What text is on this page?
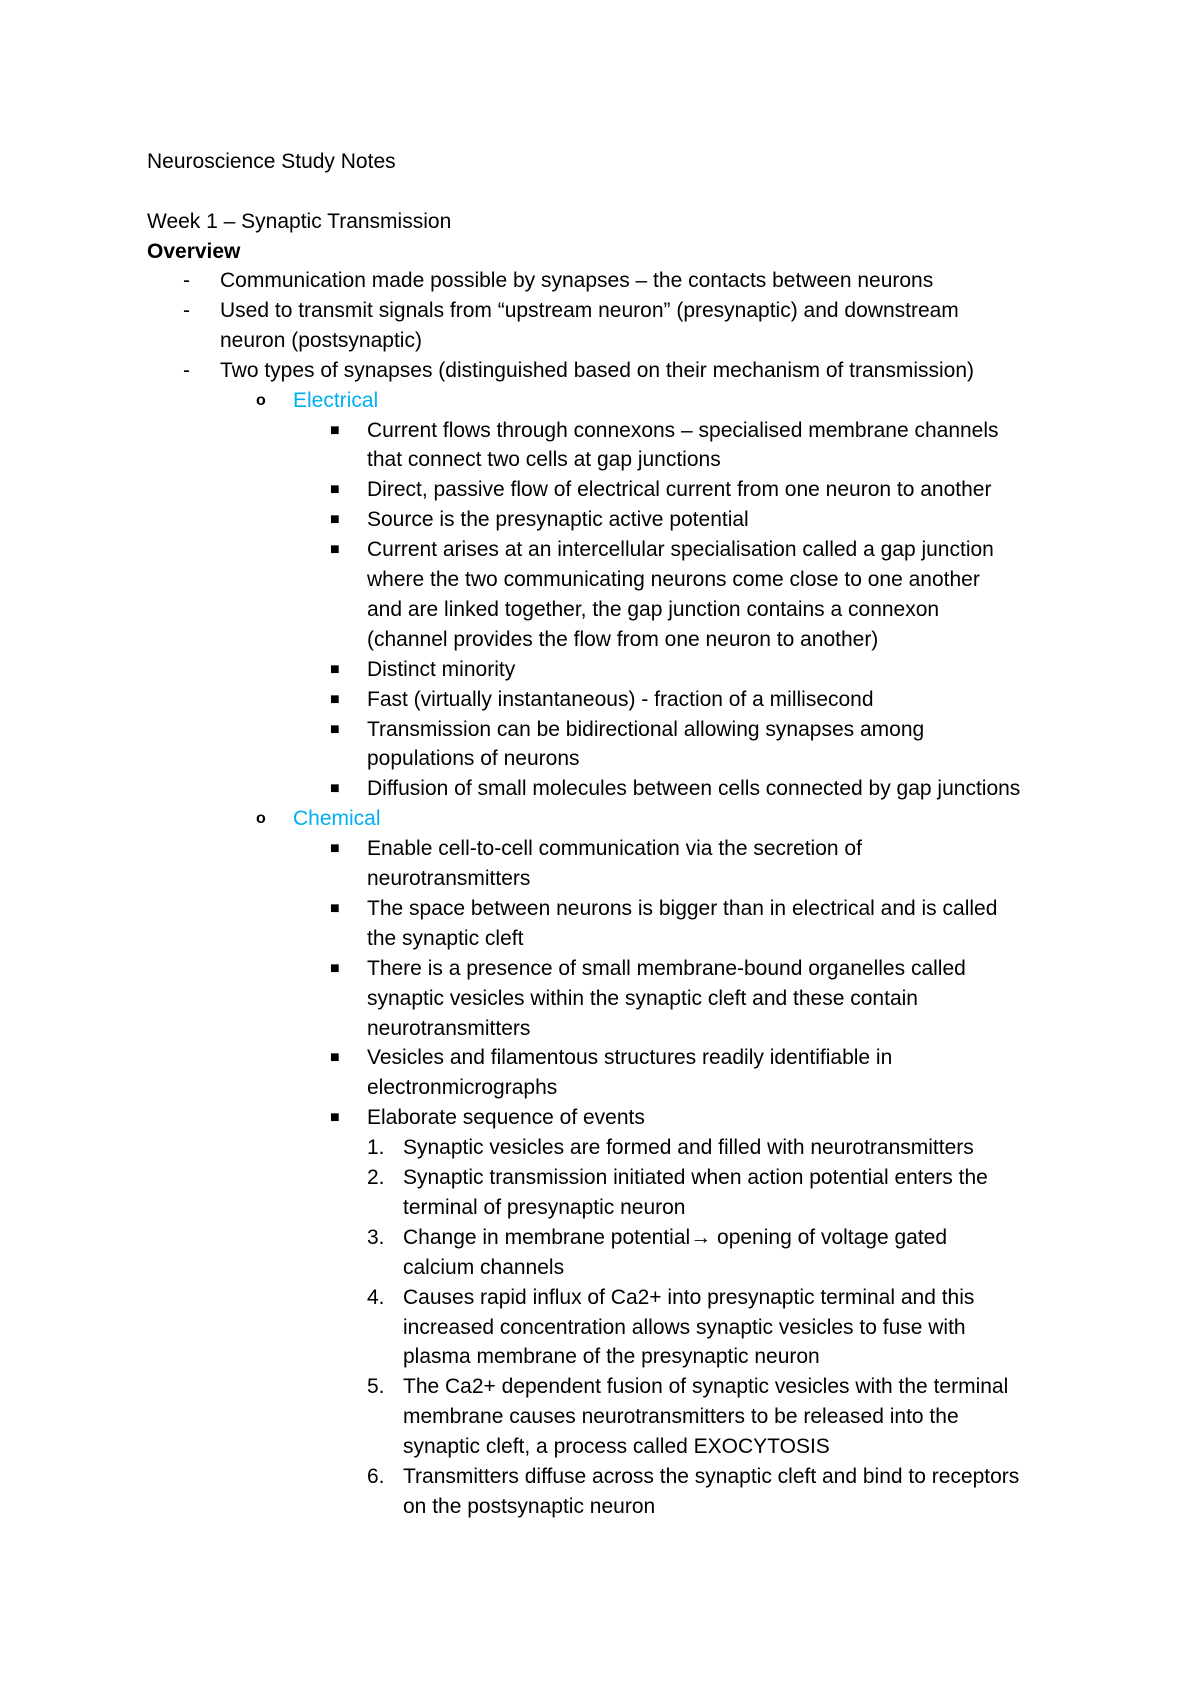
Neuroscience Study Notes
Week 1 – Synaptic Transmission
Overview
- Communication made possible by synapses – the contacts between neurons
- Used to transmit signals from “upstream neuron” (presynaptic) and downstream
neuron (postsynaptic)
- Two types of synapses (distinguished based on their mechanism of transmission)
o Electrical
■ Current flows through connexons – specialised membrane channels
that connect two cells at gap junctions
■ Direct, passive flow of electrical current from one neuron to another
■ Source is the presynaptic active potential
■ Current arises at an intercellular specialisation called a gap junction
where the two communicating neurons come close to one another
and are linked together, the gap junction contains a connexon
(channel provides the flow from one neuron to another)
■ Distinct minority
■ Fast (virtually instantaneous) - fraction of a millisecond
■ Transmission can be bidirectional allowing synapses among
populations of neurons
■ Diffusion of small molecules between cells connected by gap junctions
o Chemical
■ Enable cell-to-cell communication via the secretion of
neurotransmitters
■ The space between neurons is bigger than in electrical and is called
the synaptic cleft
■ There is a presence of small membrane-bound organelles called
synaptic vesicles within the synaptic cleft and these contain
neurotransmitters
■ Vesicles and filamentous structures readily identifiable in
electronmicrographs
■ Elaborate sequence of events
1. Synaptic vesicles are formed and filled with neurotransmitters
2. Synaptic transmission initiated when action potential enters the
terminal of presynaptic neuron
3. Change in membrane potential→ opening of voltage gated
calcium channels
4. Causes rapid influx of Ca2+ into presynaptic terminal and this
increased concentration allows synaptic vesicles to fuse with
plasma membrane of the presynaptic neuron
5. The Ca2+ dependent fusion of synaptic vesicles with the terminal
membrane causes neurotransmitters to be released into the
synaptic cleft, a process called EXOCYTOSIS
6. Transmitters diffuse across the synaptic cleft and bind to receptors
on the postsynaptic neuron
